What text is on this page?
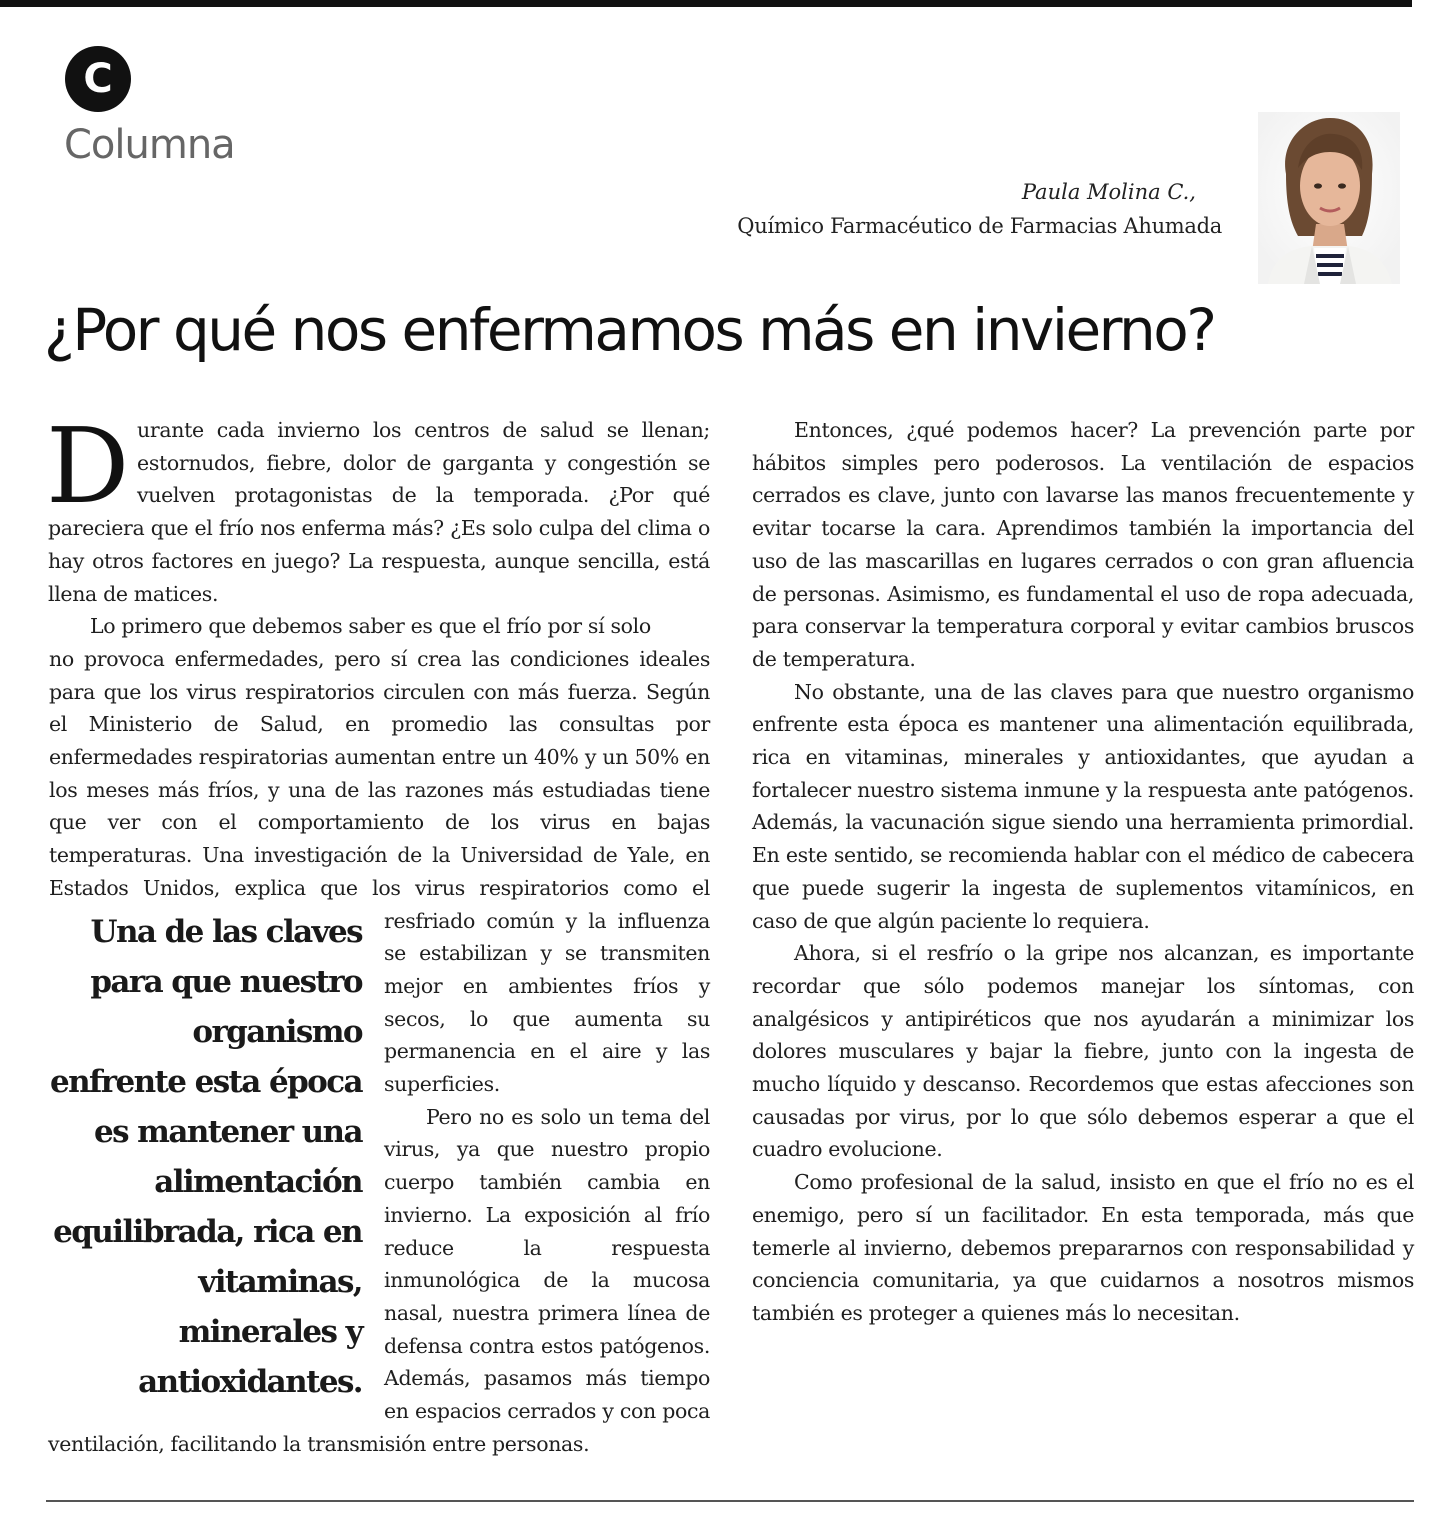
C
Columna
Paula Molina C.,
Químico Farmacéutico de Farmacias Ahumada
¿Por qué nos enfermamos más en invierno?

Durante cada invierno los centros de salud se llenan; estornudos, fiebre, dolor de garganta y congestión se vuelven protagonistas de la temporada. ¿Por qué pareciera que el frío nos enferma más? ¿Es solo culpa del clima o hay otros factores en juego? La respuesta, aunque sencilla, está llena de matices.

Lo primero que debemos saber es que el frío por sí solo

Una de las claves para que nuestro organismo enfrente esta época es mantener una alimentación equilibrada, rica en vitaminas, minerales y antioxidantes.

no provoca enfermedades, pero sí crea las condiciones ideales para que los virus respiratorios circulen con más fuerza. Según el Ministerio de Salud, en promedio las consultas por enfermedades respiratorias aumentan entre un 40% y un 50% en los meses más fríos, y una de las razones más estudiadas tiene que ver con el comportamiento de los virus en bajas temperaturas. Una investigación de la Universidad de Yale, en Estados Unidos, explica que los virus respiratorios como el resfriado común y la influenza se estabilizan y se transmiten mejor en ambientes fríos y secos, lo que aumenta su permanencia en el aire y las superficies.

Pero no es solo un tema del virus, ya que nuestro propio cuerpo también cambia en invierno. La exposición al frío reduce la respuesta inmunológica de la mucosa nasal, nuestra primera línea de defensa contra estos patógenos. Además, pasamos más tiempo en espacios cerrados y con poca ventilación, facilitando la transmisión entre personas.

Entonces, ¿qué podemos hacer? La prevención parte por hábitos simples pero poderosos. La ventilación de espacios cerrados es clave, junto con lavarse las manos frecuentemente y evitar tocarse la cara. Aprendimos también la importancia del uso de las mascarillas en lugares cerrados o con gran afluencia de personas. Asimismo, es fundamental el uso de ropa adecuada, para conservar la temperatura corporal y evitar cambios bruscos de temperatura.

No obstante, una de las claves para que nuestro organismo enfrente esta época es mantener una alimentación equilibrada, rica en vitaminas, minerales y antioxidantes, que ayudan a fortalecer nuestro sistema inmune y la respuesta ante patógenos. Además, la vacunación sigue siendo una herramienta primordial. En este sentido, se recomienda hablar con el médico de cabecera que puede sugerir la ingesta de suplementos vitamínicos, en caso de que algún paciente lo requiera.

Ahora, si el resfrío o la gripe nos alcanzan, es importante recordar que sólo podemos manejar los síntomas, con analgésicos y antipiréticos que nos ayudarán a minimizar los dolores musculares y bajar la fiebre, junto con la ingesta de mucho líquido y descanso. Recordemos que estas afecciones son causadas por virus, por lo que sólo debemos esperar a que el cuadro evolucione.

Como profesional de la salud, insisto en que el frío no es el enemigo, pero sí un facilitador. En esta temporada, más que temerle al invierno, debemos prepararnos con responsabilidad y conciencia comunitaria, ya que cuidarnos a nosotros mismos también es proteger a quienes más lo necesitan.
